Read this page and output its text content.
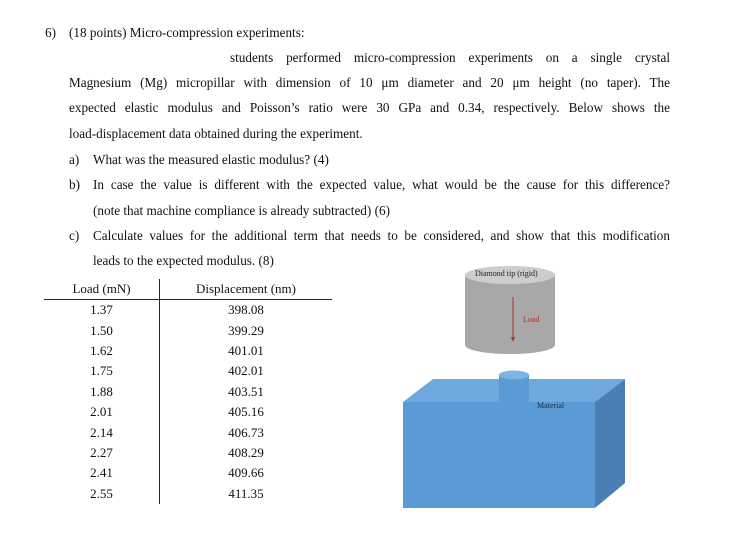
6) (18 points) Micro-compression experiments:
students performed micro-compression experiments on a single crystal
Magnesium (Mg) micropillar with dimension of 10 μm diameter and 20 μm height (no taper). The
expected elastic modulus and Poisson’s ratio were 30 GPa and 0.34, respectively. Below shows the
load-displacement data obtained during the experiment.
a) What was the measured elastic modulus? (4)
b) In case the value is different with the expected value, what would be the cause for this difference?
(note that machine compliance is already subtracted) (6)
c) Calculate values for the additional term that needs to be considered, and show that this modification
leads to the expected modulus. (8)
Load (mN)	Displacement (nm)
1.37	398.08
1.50	399.29
1.62	401.01
1.75	402.01
1.88	403.51
2.01	405.16
2.14	406.73
2.27	408.29
2.41	409.66
2.55	411.35
Diamond tip (rigid)
Load
Material
